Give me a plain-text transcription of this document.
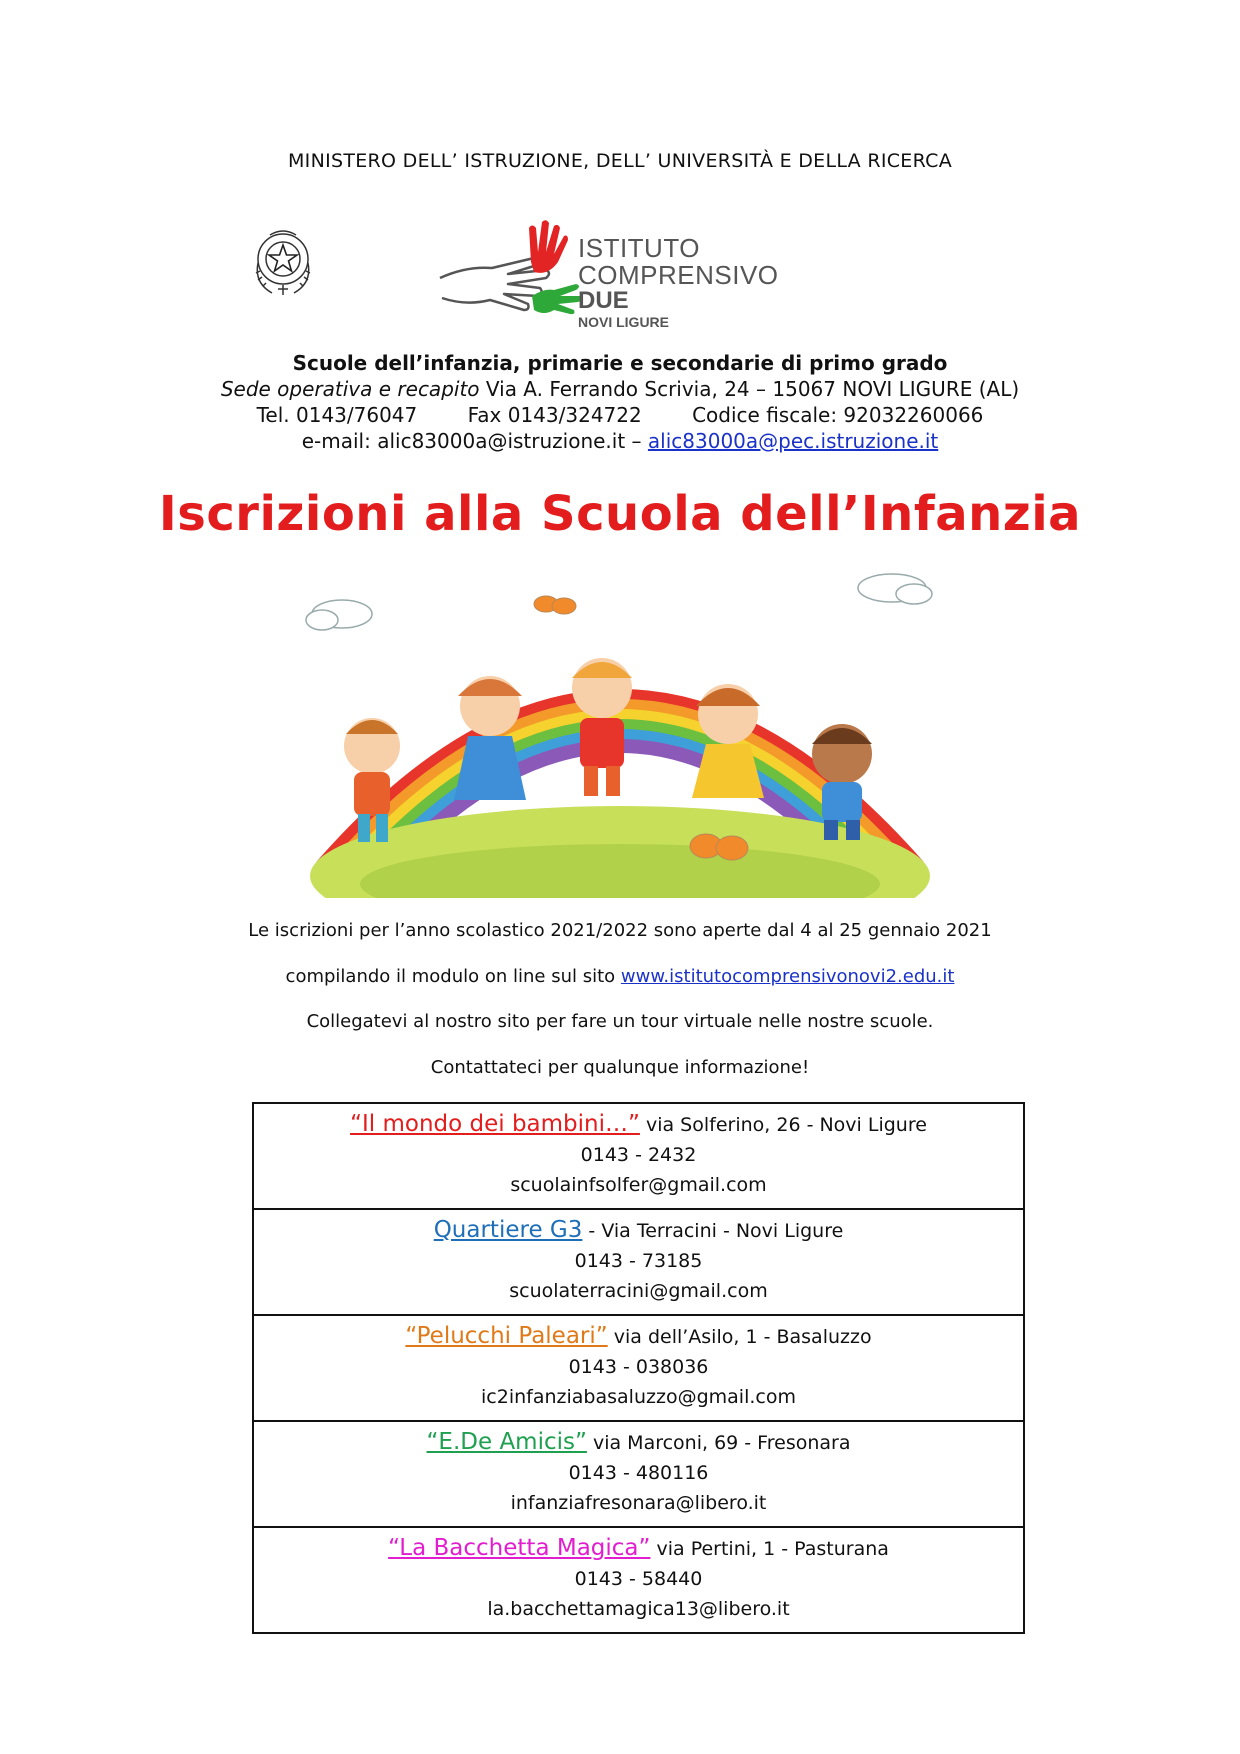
MINISTERO DELL’ ISTRUZIONE, DELL’ UNIVERSITÀ E DELLA RICERCA
ISTITUTO
COMPRENSIVO
DUE
NOVI LIGURE
Scuole dell’infanzia, primarie e secondarie di primo grado
Sede operativa e recapito Via A. Ferrando Scrivia, 24 – 15067 NOVI LIGURE (AL)
Tel. 0143/76047	Fax 0143/324722	Codice fiscale: 92032260066
e-mail: alic83000a@istruzione.it – alic83000a@pec.istruzione.it
Iscrizioni alla Scuola dell’Infanzia
Le iscrizioni per l’anno scolastico 2021/2022 sono aperte dal 4 al 25 gennaio 2021
compilando il modulo on line sul sito www.istitutocomprensivonovi2.edu.it
Collegatevi al nostro sito per fare un tour virtuale nelle nostre scuole.
Contattateci per qualunque informazione!
“Il mondo dei bambini…” via Solferino, 26 - Novi Ligure
0143 - 2432
scuolainfsolfer@gmail.com
Quartiere G3 - Via Terracini - Novi Ligure
0143 - 73185
scuolaterracini@gmail.com
“Pelucchi Paleari” via dell’Asilo, 1 - Basaluzzo
0143 - 038036
ic2infanziabasaluzzo@gmail.com
“E.De Amicis” via Marconi, 69 - Fresonara
0143 - 480116
infanziafresonara@libero.it
“La Bacchetta Magica” via Pertini, 1 - Pasturana
0143 - 58440
la.bacchettamagica13@libero.it
